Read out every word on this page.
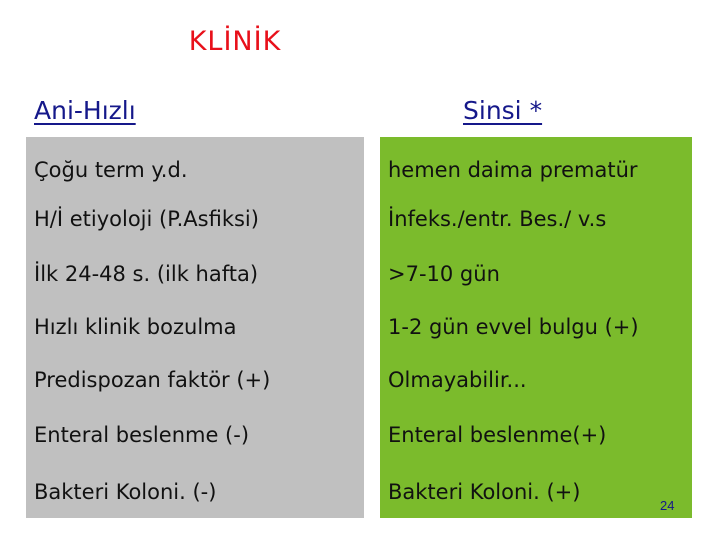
KLİNİK
Ani-Hızlı	Sinsi *
Çoğu term y.d.
H/İ etiyoloji (P.Asfiksi)
İlk 24-48 s. (ilk hafta)
Hızlı klinik bozulma
Predispozan faktör (+)
Enteral beslenme (-)
Bakteri Koloni. (-)
hemen daima prematür
İnfeks./entr. Bes./ v.s
>7-10 gün
1-2 gün evvel bulgu (+)
Olmayabilir...
Enteral beslenme(+)
Bakteri Koloni. (+)
24
